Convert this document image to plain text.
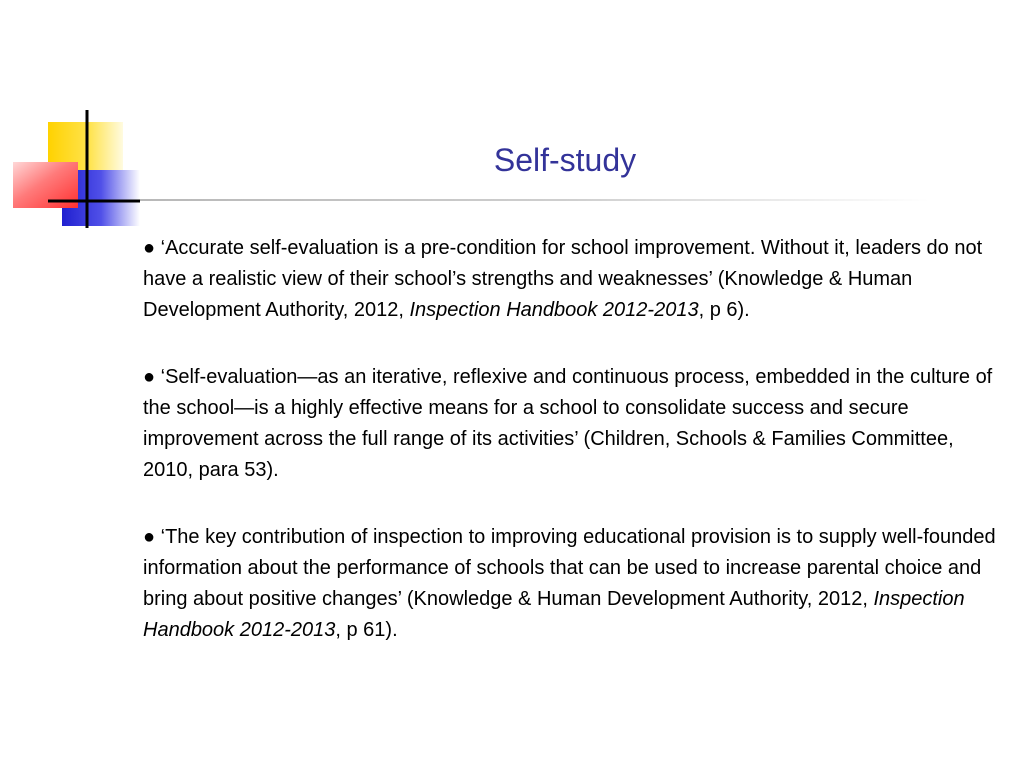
Self-study

● ‘Accurate self-evaluation is a pre-condition for school improvement. Without it, leaders do not have a realistic view of their school’s strengths and weaknesses’ (Knowledge & Human Development Authority, 2012, Inspection Handbook 2012-2013, p 6).

● ‘Self-evaluation—as an iterative, reflexive and continuous process, embedded in the culture of the school—is a highly effective means for a school to consolidate success and secure improvement across the full range of its activities’ (Children, Schools & Families Committee, 2010, para 53).

● ‘The key contribution of inspection to improving educational provision is to supply well-founded information about the performance of schools that can be used to increase parental choice and bring about positive changes’ (Knowledge & Human Development Authority, 2012, Inspection Handbook 2012-2013, p 61).
